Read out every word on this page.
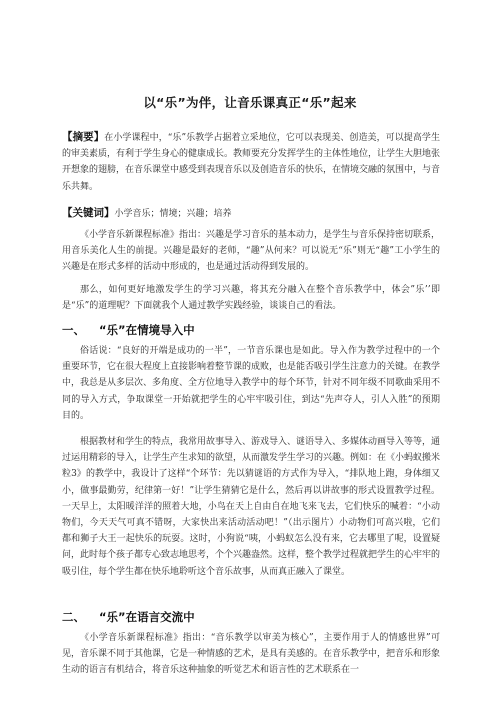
以“乐”为伴，让音乐课真正“乐”起来

【摘要】在小学课程中，“乐”乐教学占据着立采地位，它可以表现美、创造美，可以提高学生的审美素质，有利于学生身心的健康成长。教师要充分发挥学生的主体性地位，让学生大胆地张开想象的翅膀，在音乐课堂中感受到表现音乐以及创造音乐的快乐，在情境交融的氛围中，与音乐共舞。

【关键词】小学音乐；情境；兴趣；培养

《小学音乐新课程标准》指出：兴趣是学习音乐的基本动力，是学生与音乐保持密切联系，用音乐美化人生的前提。兴趣是最好的老师，“趣”从何来？可以说无“乐”则无“趣”工小学生的兴趣是在形式多样的活动中形成的，也是通过活动得到发展的。

那么，如何更好地激发学生的学习兴趣，将其充分融入在整个音乐教学中，体会”乐’’即是“乐”的道理呢？下面就我个人通过教学实践经验，谈谈自己的看法。

一、 “乐”在情境导入中

俗话说：“良好的开端是成功的一半”，一节音乐课也是如此。导入作为教学过程中的一个重要环节，它在很大程度上直接影响着整节课的成败，也是能否吸引学生注意力的关键。在教学中，我总是从多层次、多角度、全方位地导入教学中的每个环节，针对不同年级不同歌曲采用不同的导入方式，争取课堂一开始就把学生的心牢牢吸引住，到达“先声夺人，引人入胜”的预期目的。

根据教材和学生的特点，我常用故事导入、游戏导入、谜语导入、多媒体动画导入等等，通过运用精彩的导入，让学生产生求知的欲望，从而激发学生学习的兴趣。例如：在《小蚂蚁搬米粒3》的教学中，我设计了这样“个环节：先以猜谜语的方式作为导入，“排队地上跑，身体细又小，做事最勤劳，纪律第一好！”让学生猜猜它是什么，然后再以讲故事的形式设置教学过程。一天早上，太阳暖洋洋的照着大地，小鸟在天上自由自在地飞来飞去，它们快乐的喊着：“小动物们，今天天气可真不错呀，大家快出来活动活动吧！”（出示图片）小动物们可高兴啦，它们都和狮子大王一起快乐的玩耍。这时，小狗说“咦，小蚂蚁怎么没有来，它去哪里了呢，设置疑问，此时每个孩子都专心致志地思考，个个兴趣盎然。这样，整个教学过程就把学生的心牢牢的吸引住，每个学生都在快乐地聆听这个音乐故事，从而真正融入了课堂。

二、 “乐”在语言交流中

《小学音乐新课程标准》指出：“音乐教学以审美为核心”，主要作用于人的情感世界”可见，音乐课不同于其他课，它是一种情感的艺术，是具有美感的。在音乐教学中，把音乐和形象生动的语言有机结合，将音乐这种抽象的听觉艺术和语言性的艺术联系在一
